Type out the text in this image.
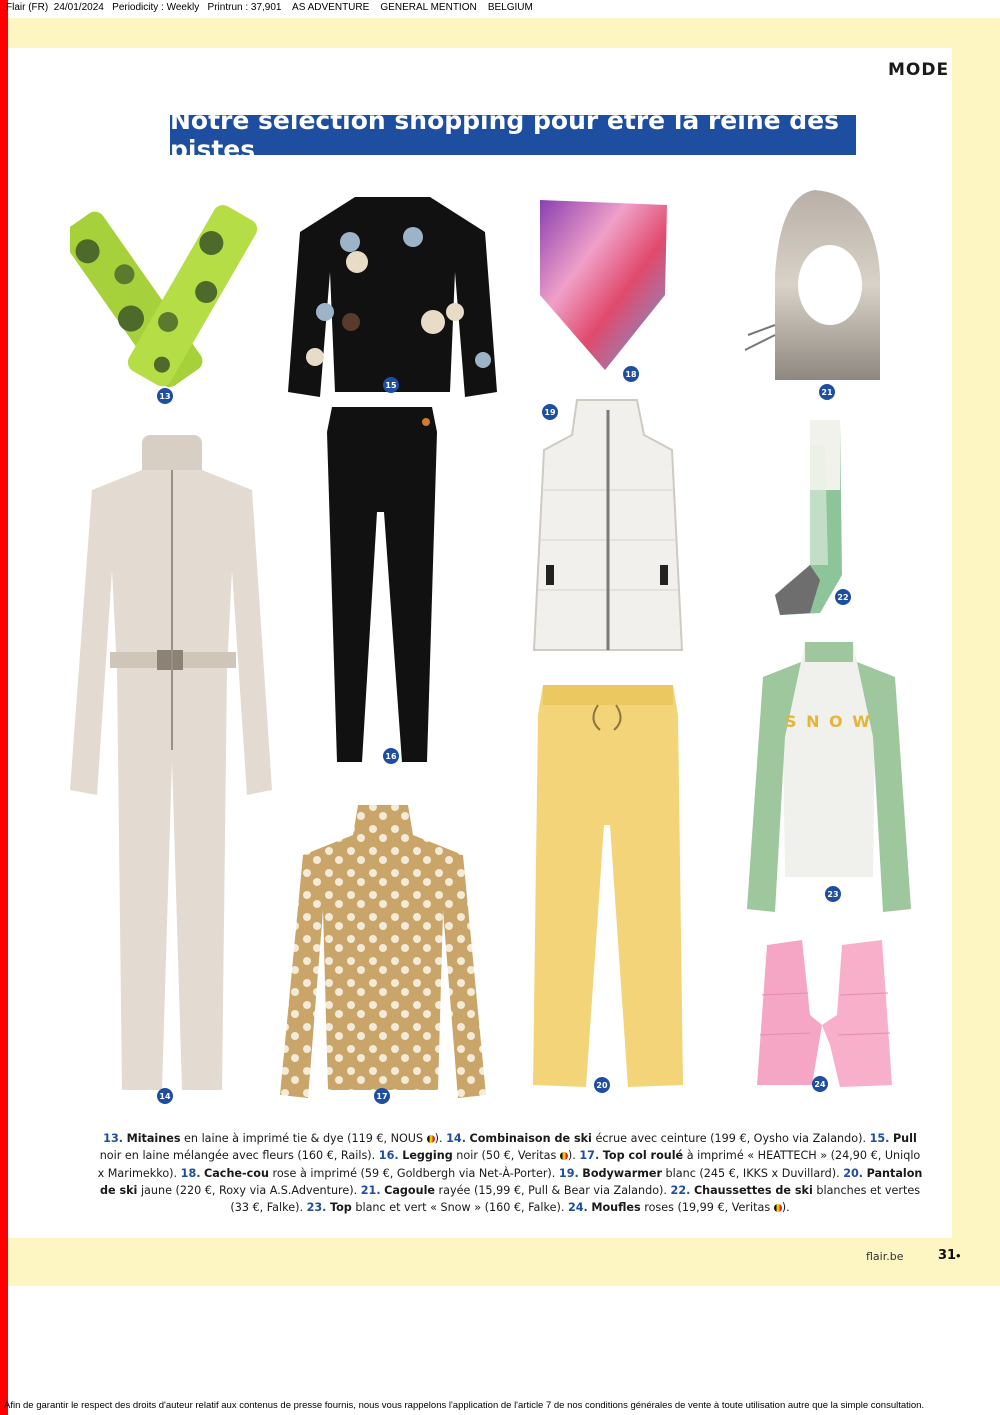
Flair (FR)  24/01/2024   Periodicity : Weekly   Printrun : 37,901    AS ADVENTURE    GENERAL MENTION    BELGIUM
MODE
Notre sélection shopping pour être la reine des pistes
13
14
15
16
17
18
19
20
21
22
S N O W
23
24
13. Mitaines en laine à imprimé tie & dye (119 €, NOUS ). 14. Combinaison de ski écrue avec ceinture (199 €, Oysho via Zalando). 15. Pull noir en laine mélangée avec fleurs (160 €, Rails). 16. Legging noir (50 €, Veritas ). 17. Top col roulé à imprimé « HEATTECH » (24,90 €, Uniqlo x Marimekko). 18. Cache-cou rose à imprimé (59 €, Goldbergh via Net-À-Porter). 19. Bodywarmer blanc (245 €, IKKS x Duvillard). 20. Pantalon de ski jaune (220 €, Roxy via A.S.Adventure). 21. Cagoule rayée (15,99 €, Pull & Bear via Zalando). 22. Chaussettes de ski blanches et vertes (33 €, Falke). 23. Top blanc et vert « Snow » (160 €, Falke). 24. Moufles roses (19,99 €, Veritas ).
flair.be	31 •
Afin de garantir le respect des droits d'auteur relatif aux contenus de presse fournis, nous vous rappelons l'application de l'article 7 de nos conditions générales de vente à toute utilisation autre que la simple consultation.
